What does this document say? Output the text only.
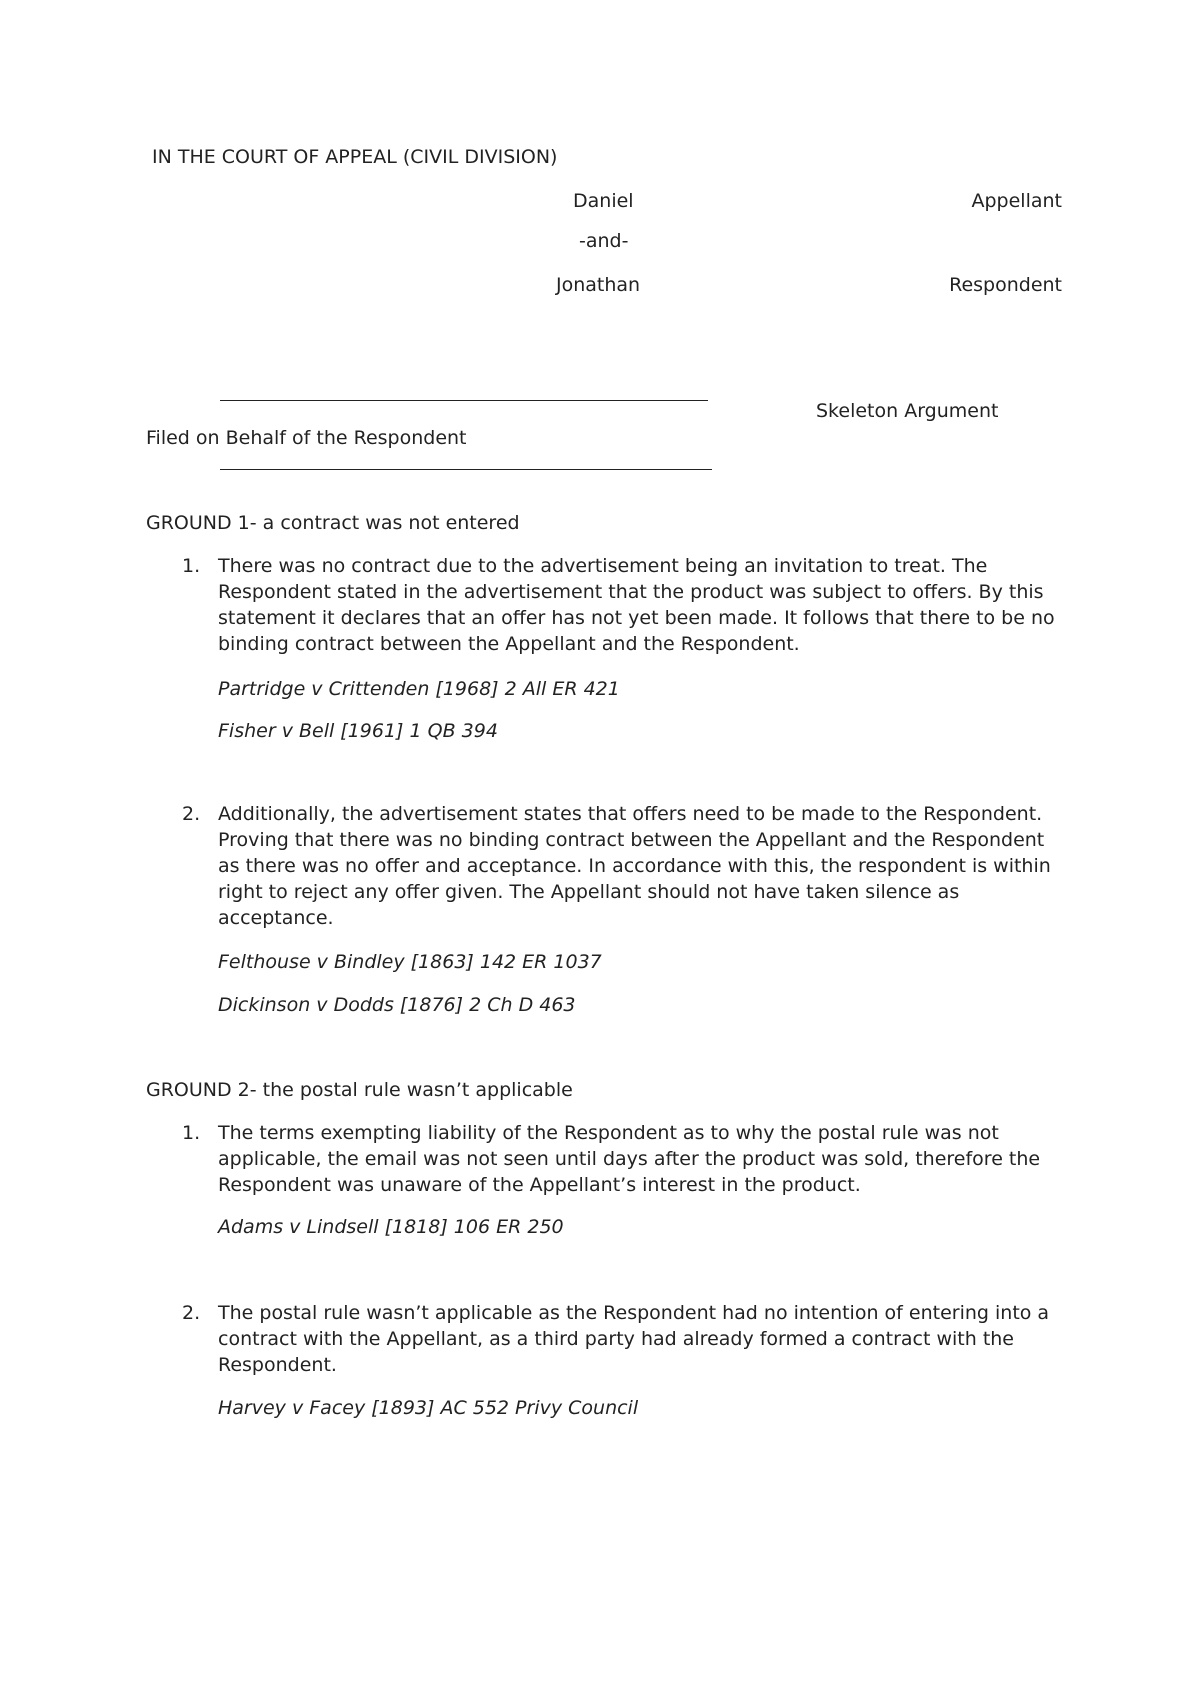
IN THE COURT OF APPEAL (CIVIL DIVISION)
Daniel	Appellant
-and-
Jonathan	Respondent
Skeleton Argument
Filed on Behalf of the Respondent
GROUND 1- a contract was not entered
1. There was no contract due to the advertisement being an invitation to treat. The Respondent stated in the advertisement that the product was subject to offers. By this statement it declares that an offer has not yet been made. It follows that there to be no binding contract between the Appellant and the Respondent.
Partridge v Crittenden [1968] 2 All ER 421
Fisher v Bell [1961] 1 QB 394
2. Additionally, the advertisement states that offers need to be made to the Respondent. Proving that there was no binding contract between the Appellant and the Respondent as there was no offer and acceptance. In accordance with this, the respondent is within right to reject any offer given. The Appellant should not have taken silence as acceptance.
Felthouse v Bindley [1863] 142 ER 1037
Dickinson v Dodds [1876] 2 Ch D 463
GROUND 2- the postal rule wasn’t applicable
1. The terms exempting liability of the Respondent as to why the postal rule was not applicable, the email was not seen until days after the product was sold, therefore the Respondent was unaware of the Appellant’s interest in the product.
Adams v Lindsell [1818] 106 ER 250
2. The postal rule wasn’t applicable as the Respondent had no intention of entering into a contract with the Appellant, as a third party had already formed a contract with the Respondent.
Harvey v Facey [1893] AC 552 Privy Council
